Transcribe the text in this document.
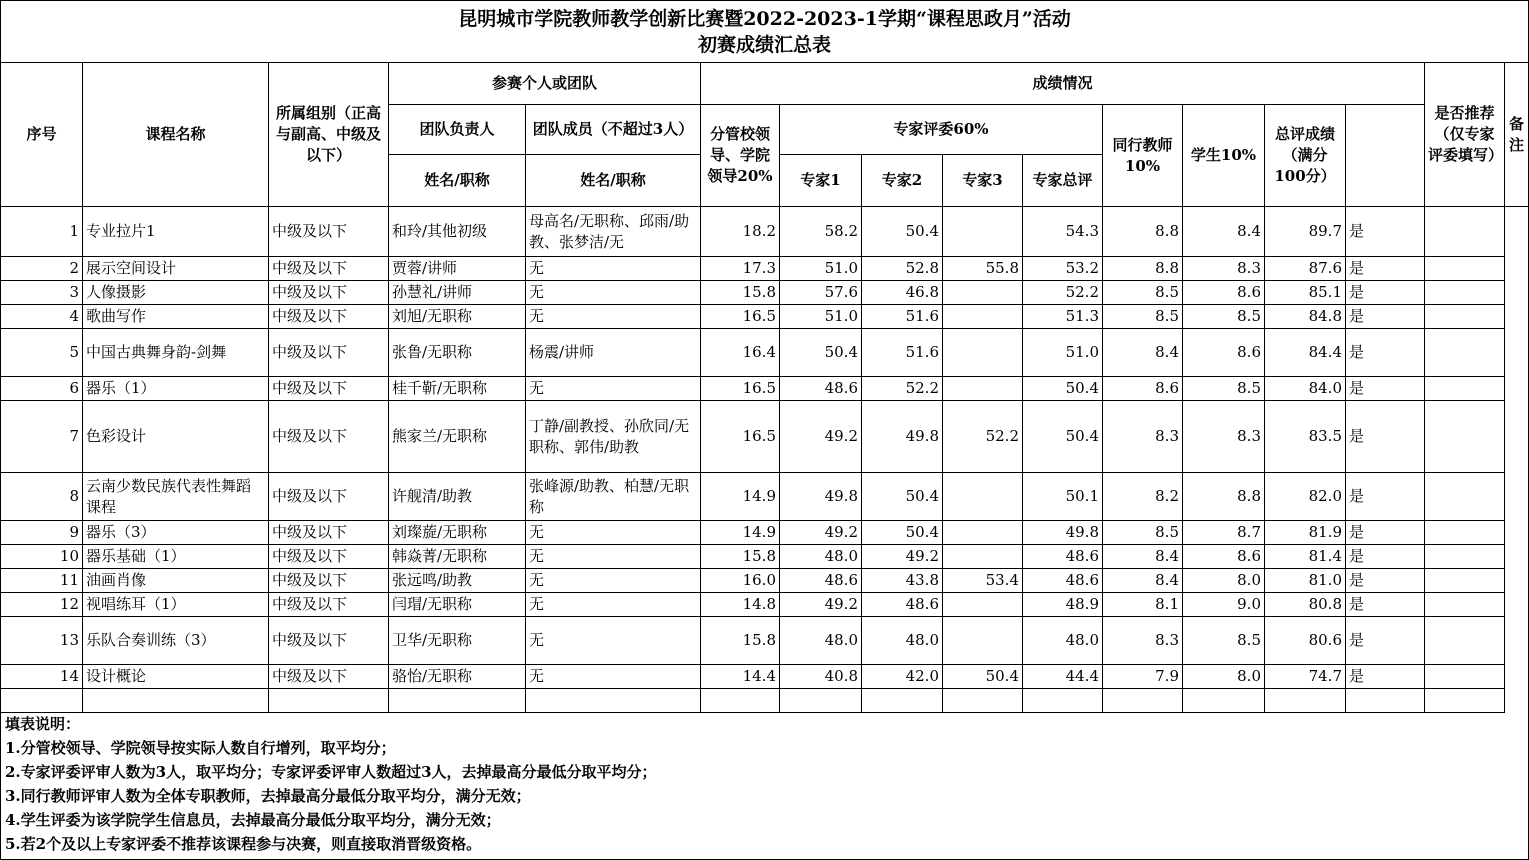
昆明城市学院教师教学创新比赛暨2022-2023-1学期“课程思政月”活动
初赛成绩汇总表
序号	课程名称	所属组别（正高与副高、中级及以下）	参赛个人或团队		成绩情况									是否推荐（仅专家评委填写）	备注
			团队负责人	团队成员（不超过3人）	分管校领导、学院领导20%	专家评委60%				同行教师10%	学生10%	总评成绩（满分100分）			
			姓名/职称	姓名/职称		专家1	专家2	专家3	专家总评						
1	专业拉片1	中级及以下	和玲/其他初级	母高名/无职称、邱雨/助教、张梦洁/无	18.2	58.2	50.4		54.3	8.8	8.4	89.7	是		
2	展示空间设计	中级及以下	贾蓉/讲师	无	17.3	51.0	52.8	55.8	53.2	8.8	8.3	87.6	是		
3	人像摄影	中级及以下	孙慧礼/讲师	无	15.8	57.6	46.8		52.2	8.5	8.6	85.1	是		
4	歌曲写作	中级及以下	刘旭/无职称	无	16.5	51.0	51.6		51.3	8.5	8.5	84.8	是		
5	中国古典舞身韵-剑舞	中级及以下	张鲁/无职称	杨震/讲师	16.4	50.4	51.6		51.0	8.4	8.6	84.4	是		
6	器乐（1）	中级及以下	桂千靳/无职称	无	16.5	48.6	52.2		50.4	8.6	8.5	84.0	是		
7	色彩设计	中级及以下	熊家兰/无职称	丁静/副教授、孙欣同/无职称、郭伟/助教	16.5	49.2	49.8	52.2	50.4	8.3	8.3	83.5	是		
8	云南少数民族代表性舞蹈课程	中级及以下	许舰清/助教	张峰源/助教、柏慧/无职称	14.9	49.8	50.4		50.1	8.2	8.8	82.0	是		
9	器乐（3）	中级及以下	刘璨蔙/无职称	无	14.9	49.2	50.4		49.8	8.5	8.7	81.9	是		
10	器乐基础（1）	中级及以下	韩焱菁/无职称	无	15.8	48.0	49.2		48.6	8.4	8.6	81.4	是		
11	油画肖像	中级及以下	张远鸣/助教	无	16.0	48.6	43.8	53.4	48.6	8.4	8.0	81.0	是		
12	视唱练耳（1）	中级及以下	闫瑁/无职称	无	14.8	49.2	48.6		48.9	8.1	9.0	80.8	是		
13	乐队合奏训练（3）	中级及以下	卫华/无职称	无	15.8	48.0	48.0		48.0	8.3	8.5	80.6	是		
14	设计概论	中级及以下	骆怡/无职称	无	14.4	40.8	42.0	50.4	44.4	7.9	8.0	74.7	是		

填表说明：
1.分管校领导、学院领导按实际人数自行增列，取平均分；
2.专家评委评审人数为3人，取平均分；专家评委评审人数超过3人，去掉最高分最低分取平均分；
3.同行教师评审人数为全体专职教师，去掉最高分最低分取平均分，满分无效；
4.学生评委为该学院学生信息员，去掉最高分最低分取平均分，满分无效；
5.若2个及以上专家评委不推荐该课程参与决赛，则直接取消晋级资格。
